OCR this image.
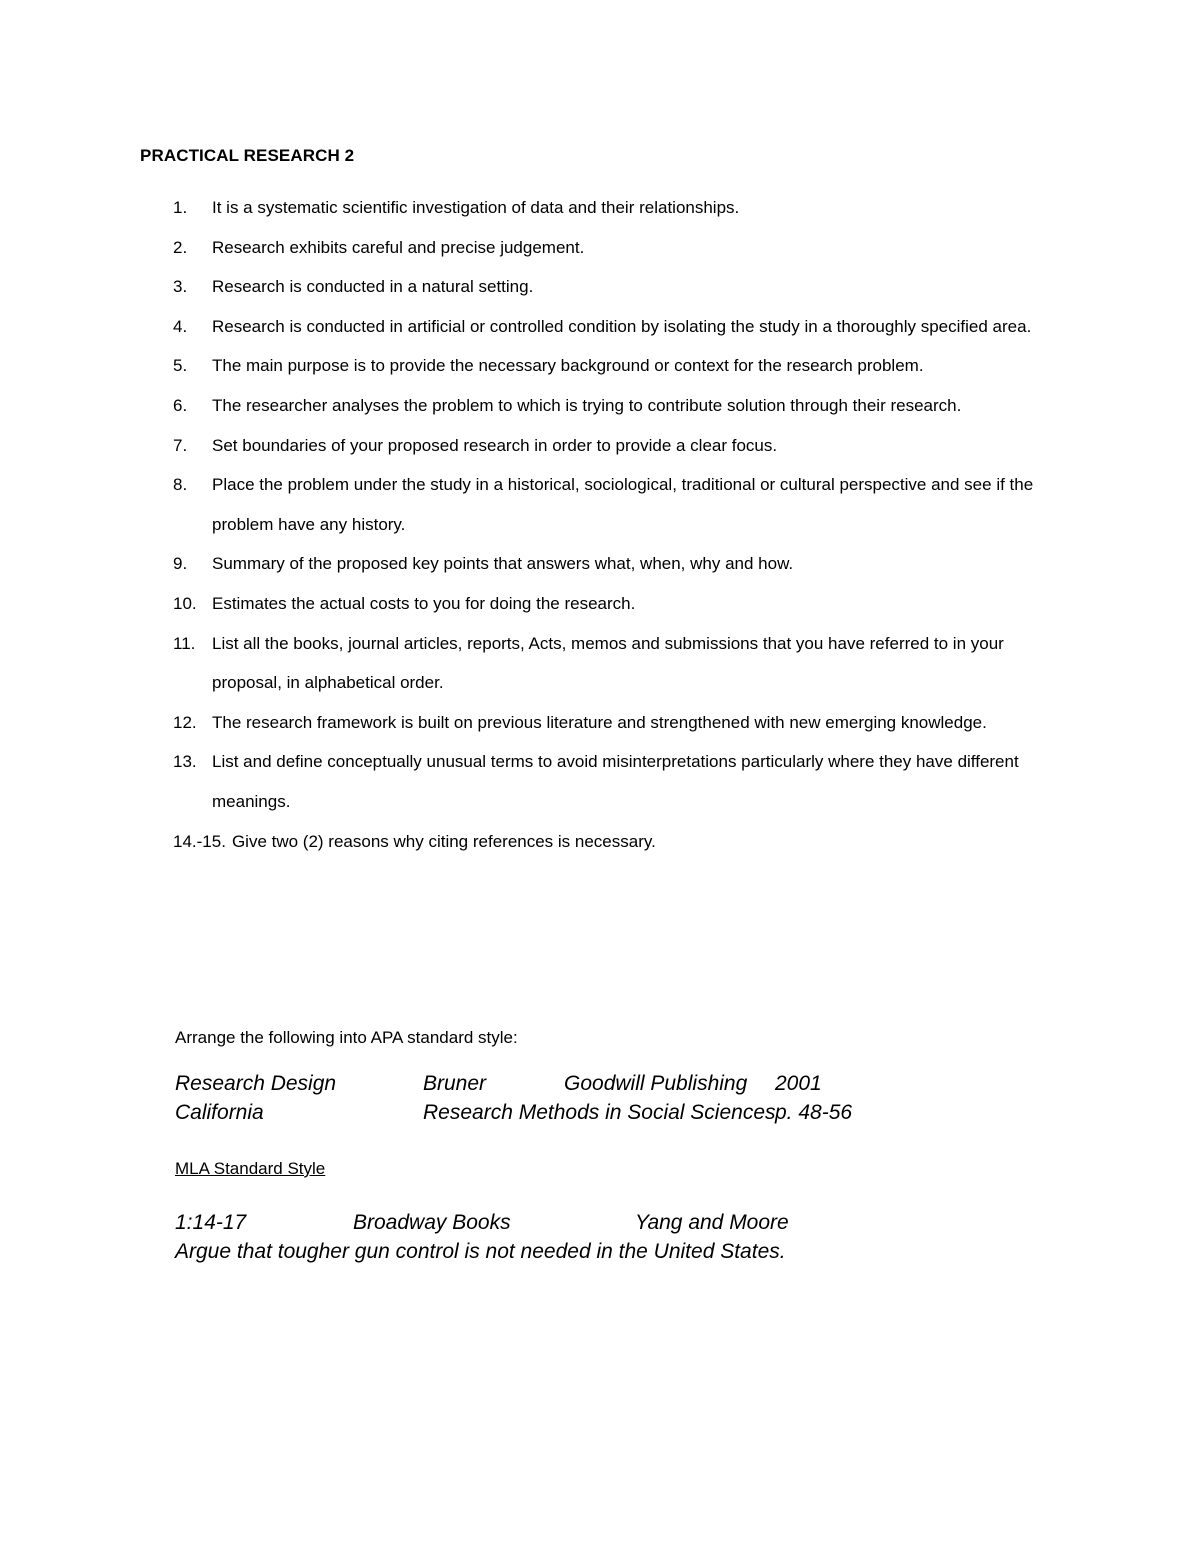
PRACTICAL RESEARCH 2
1.	It is a systematic scientific investigation of data and their relationships.
2.	Research exhibits careful and precise judgement.
3.	Research is conducted in a natural setting.
4.	Research is conducted in artificial or controlled condition by isolating the study in a thoroughly specified area.
5.	The main purpose is to provide the necessary background or context for the research problem.
6.	The researcher analyses the problem to which is trying to contribute solution through their research.
7.	Set boundaries of your proposed research in order to provide a clear focus.
8.	Place the problem under the study in a historical, sociological, traditional or cultural perspective and see if the problem have any history.
9.	Summary of the proposed key points that answers what, when, why and how.
10. Estimates the actual costs to you for doing the research.
11. List all the books, journal articles, reports, Acts, memos and submissions that you have referred to in your proposal, in alphabetical order.
12. The research framework is built on previous literature and strengthened with new emerging knowledge.
13. List and define conceptually unusual terms to avoid misinterpretations particularly where they have different meanings.
14.-15. Give two (2) reasons why citing references is necessary.
Arrange the following into APA standard style:
Research Design	Bruner	Goodwill Publishing 2001
California	Research Methods in Social Sciences p. 48-56
MLA Standard Style
1:14-17	Broadway Books	Yang and Moore
Argue that tougher gun control is not needed in the United States.
